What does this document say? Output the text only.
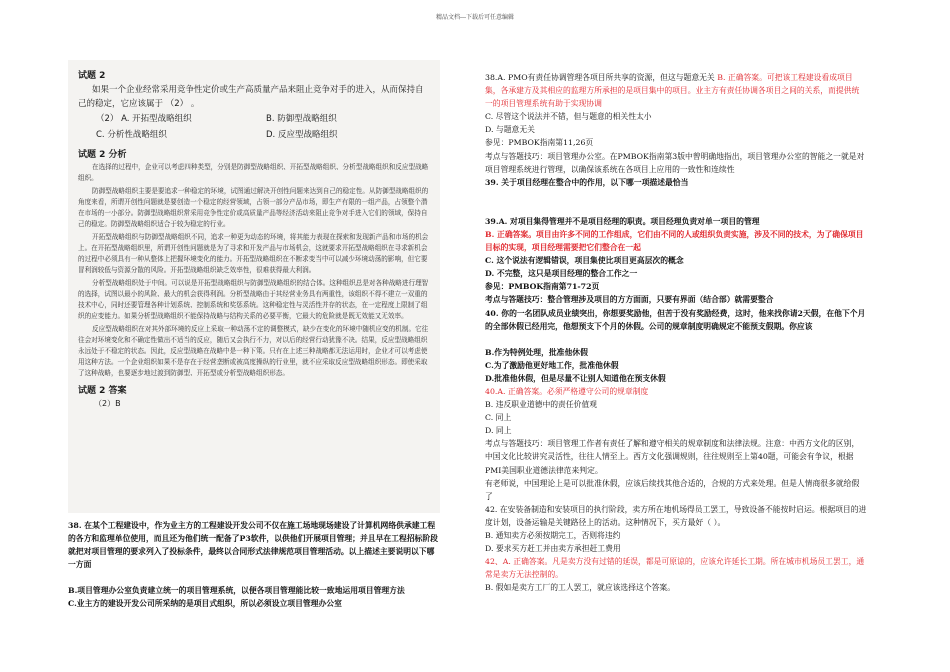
精品文档---下载后可任意编辑
试题 2

如果一个企业经常采用竞争性定价或生产高质量产品来阻止竞争对手的进入，从而保持自己的稳定，它应该属于 （2） 。

（2） A. 开拓型战略组织	B. 防御型战略组织
C. 分析性战略组织	D. 反应型战略组织
试题 2 分析

在选择的过程中，企业可以考虑四种类型，分别是防御型战略组织、开拓型战略组织、分析型战略组织和反应型战略组织。

防御型战略组织主要是要追求一种稳定的环境，试图通过解决开创性问题来达到自己的稳定性。从防御型战略组织的角度来看，所谓开创性问题就是要创造一个稳定的经营领域，占领一部分产品市场，即生产有限的一组产品，占领整个潜在市场的一小部分。防御型战略组织常采用竞争性定价或高质量产品等经济活动来阻止竞争对手进入它们的领域，保持自己的稳定。防御型战略组织适合于较为稳定的行业。

开拓型战略组织与防御型战略组织不同，追求一种更为动态的环境，将其能力表现在探索和发现新产品和市场的机会上。在开拓型战略组织里，所谓开创性问题就是为了寻求和开发产品与市场机会，这就要求开拓型战略组织在寻求新机会的过程中必须具有一种从整体上把握环境变化的能力。开拓型战略组织在不断求变当中可以减少环境动荡的影响，但它要冒利润较低与资源分散的风险。开拓型战略组织缺乏效率性，很难获得最大利润。

分析型战略组织处于中间。可以说是开拓型战略组织与防御型战略组织的结合体。这种组织总是对各种战略进行理智的选择，试图以最小的风险、最大的机会获得利润。分析型战略由于其经营业务具有两重性，该组织不得不建立一双重的技术中心，同时还要管理各种计划系统、控制系统和奖惩系统。这种稳定性与灵活性并存的状态，在一定程度上限制了组织的应变能力。如果分析型战略组织不能保持战略与结构关系的必要平衡，它最大的危险就是既无效能又无效率。

反应型战略组织在对其外部环境的反应上采取一种动荡不定的调整模式，缺少在变化的环境中随机应变的机制。它往往会对环境变化和不确定性做出不适当的反应，随后又会执行不力，对以后的经营行动犹豫不决。结果，反应型战略组织永远处于不稳定的状态。因此，反应型战略在战略中是一种下策。只有在上述三种战略都无法运用时，企业才可以考虑使用这种方法。一个企业组织如果不是存在于经营垄断或被高度操纵的行业里，就不应采取反应型战略组织形态。即使采取了这种战略，也要逐步地过渡到防御型、开拓型或分析型战略组织形态。

试题 2 答案
（2）B

38. 在某个工程建设中，作为业主方的工程建设开发公司不仅在施工场地现场建设了计算机网络供承建工程的各方和监理单位使用，而且还为他们统一配备了P3软件，以供他们开展项目管理；并且早在工程招标阶段就把对项目管理的要求列入了投标条件，最终以合同形式法律规范项目管理活动。以上描述主要说明以下哪一方面

B.项目管理办公室负责建立统一的项目管理系统，以便各项目管理能比较一致地运用项目管理方法

C.业主方的建设开发公司所采纳的是项目式组织，所以必须设立项目管理办公室

38.A. PMO有责任协调管理各项目所共享的资源，但这与题意无关 B. 正确答案。可把该工程建设看成项目集，各承建方及其相应的监理方所承担的是项目集中的项目。业主方有责任协调各项目之间的关系，而提供统一的项目管理系统有助于实现协调

C. 尽管这个说法并不错，但与题意的相关性太小

D. 与题意无关

参见：PMBOK指南第11,26页

考点与答题技巧：项目管理办公室。在PMBOK指南第3版中曾明确地指出，项目管理办公室的智能之一就是对项目管理系统进行管理，以确保该系统在各项目上应用的一致性和连续性

39. 关于项目经理在整合中的作用，以下哪一项描述最恰当

39.A. 对项目集得管理并不是项目经理的职责。项目经理负责对单一项目的管理

B. 正确答案。项目由许多不同的工作组成，它们由不同的人或组织负责实施，涉及不同的技术，为了确保项目目标的实现，项目经理需要把它们整合在一起

C. 这个说法有逻辑错误，项目集使比项目更高层次的概念

D. 不完整，这只是项目经理的整合工作之一

参见：PMBOK指南第71-72页

考点与答题技巧：整合管理涉及项目的方方面面，只要有界面（结合部）就需要整合

40. 你的一名团队成员业绩突出，你想要奖励他，但苦于没有奖励经费，这时，他来找你请2天假，在他下个月的全部休假已经用完，他想预支下个月的休假。公司的规章制度明确规定不能预支假期。你应该

B.作为特例处理，批准他休假

C.为了激励他更好地工作，批准他休假

D.批准他休假，但是尽量不让别人知道他在预支休假

40.A. 正确答案。必须严格遵守公司的规章制度

B. 违反职业道德中的责任价值观

C. 同上

D. 同上

考点与答题技巧：项目管理工作者有责任了解和遵守相关的规章制度和法律法规。注意：中西方文化的区别，中国文化比较讲究灵活性，往往人情至上。西方文化强调规则，往往规则至上第40题，可能会有争议，根据PMI美国职业道德法律范来判定。

有老师说，中国理论上是可以批准休假，应该后续找其他合适的，合规的方式来处理。但是人情商很多就给假了

42. 在安装备制造和安装项目的执行阶段，卖方所在地机场得员工罢工，导致设备不能按时启运。根据项目的进度计划，设备运输是关键路径上的活动。这种情况下，买方最好（ ）。

B. 通知卖方必须按期完工，否则将违约

D. 要求买方赶工并由卖方承担赶工费用

42、A. 正确答案。凡是卖方没有过错的延误，都是可原谅的，应该允许延长工期。所在城市机场员工罢工，通常是卖方无法控制的。

B. 假如是卖方工厂的工人罢工，就应该选择这个答案。
